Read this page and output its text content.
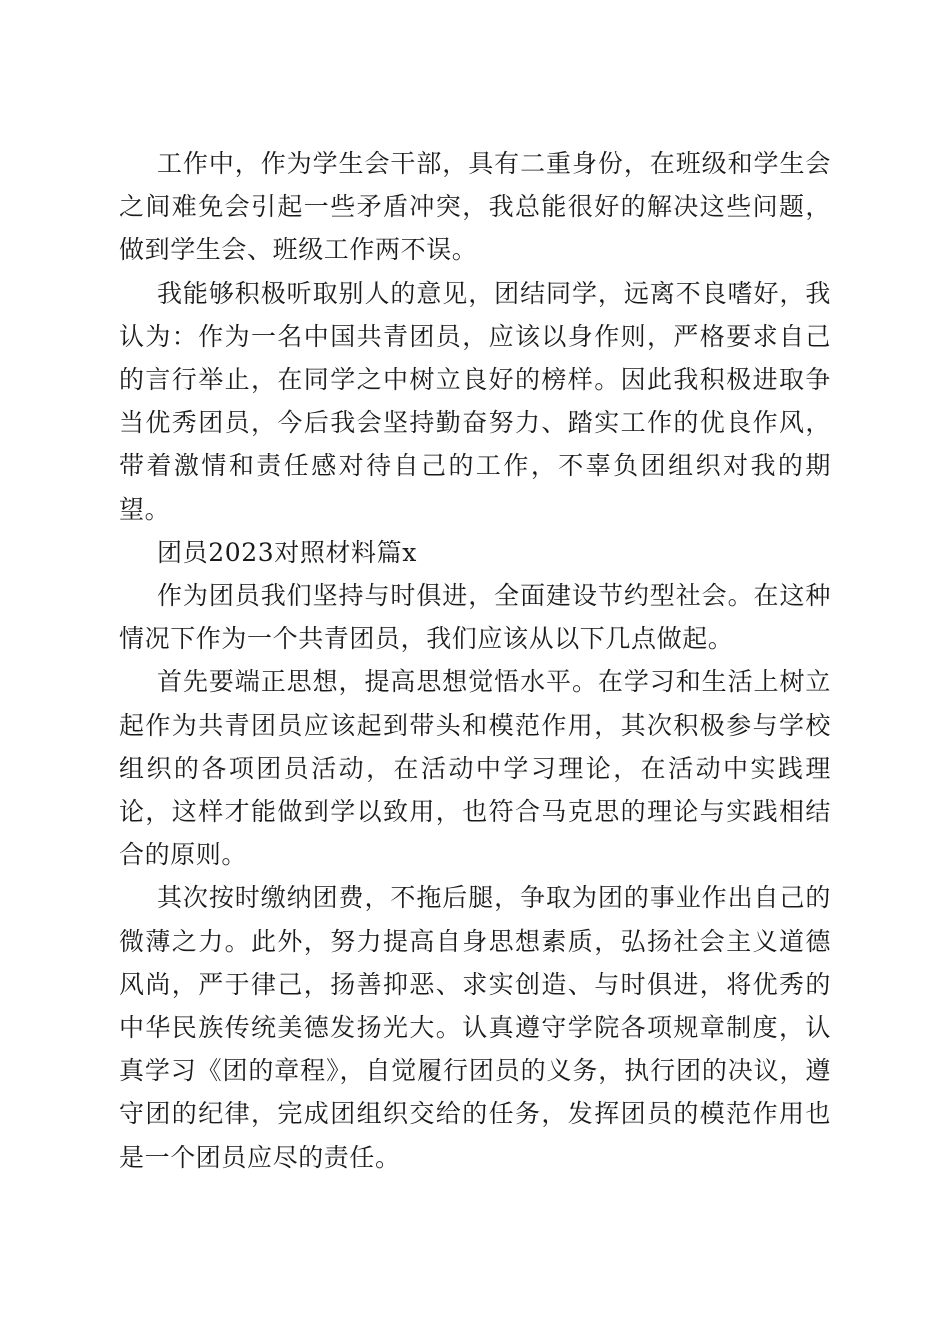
工作中，作为学生会干部，具有二重身份，在班级和学生会之间难免会引起一些矛盾冲突，我总能很好的解决这些问题，做到学生会、班级工作两不误。

我能够积极听取别人的意见，团结同学，远离不良嗜好，我认为：作为一名中国共青团员，应该以身作则，严格要求自己的言行举止，在同学之中树立良好的榜样。因此我积极进取争当优秀团员，今后我会坚持勤奋努力、踏实工作的优良作风，带着激情和责任感对待自己的工作，不辜负团组织对我的期望。

团员2023对照材料篇x

作为团员我们坚持与时俱进，全面建设节约型社会。在这种情况下作为一个共青团员，我们应该从以下几点做起。

首先要端正思想，提高思想觉悟水平。在学习和生活上树立起作为共青团员应该起到带头和模范作用，其次积极参与学校组织的各项团员活动，在活动中学习理论，在活动中实践理论，这样才能做到学以致用，也符合马克思的理论与实践相结合的原则。

其次按时缴纳团费，不拖后腿，争取为团的事业作出自己的微薄之力。此外，努力提高自身思想素质，弘扬社会主义道德风尚，严于律己，扬善抑恶、求实创造、与时俱进，将优秀的中华民族传统美德发扬光大。认真遵守学院各项规章制度，认真学习《团的章程》，自觉履行团员的义务，执行团的决议，遵守团的纪律，完成团组织交给的任务，发挥团员的模范作用也是一个团员应尽的责任。
